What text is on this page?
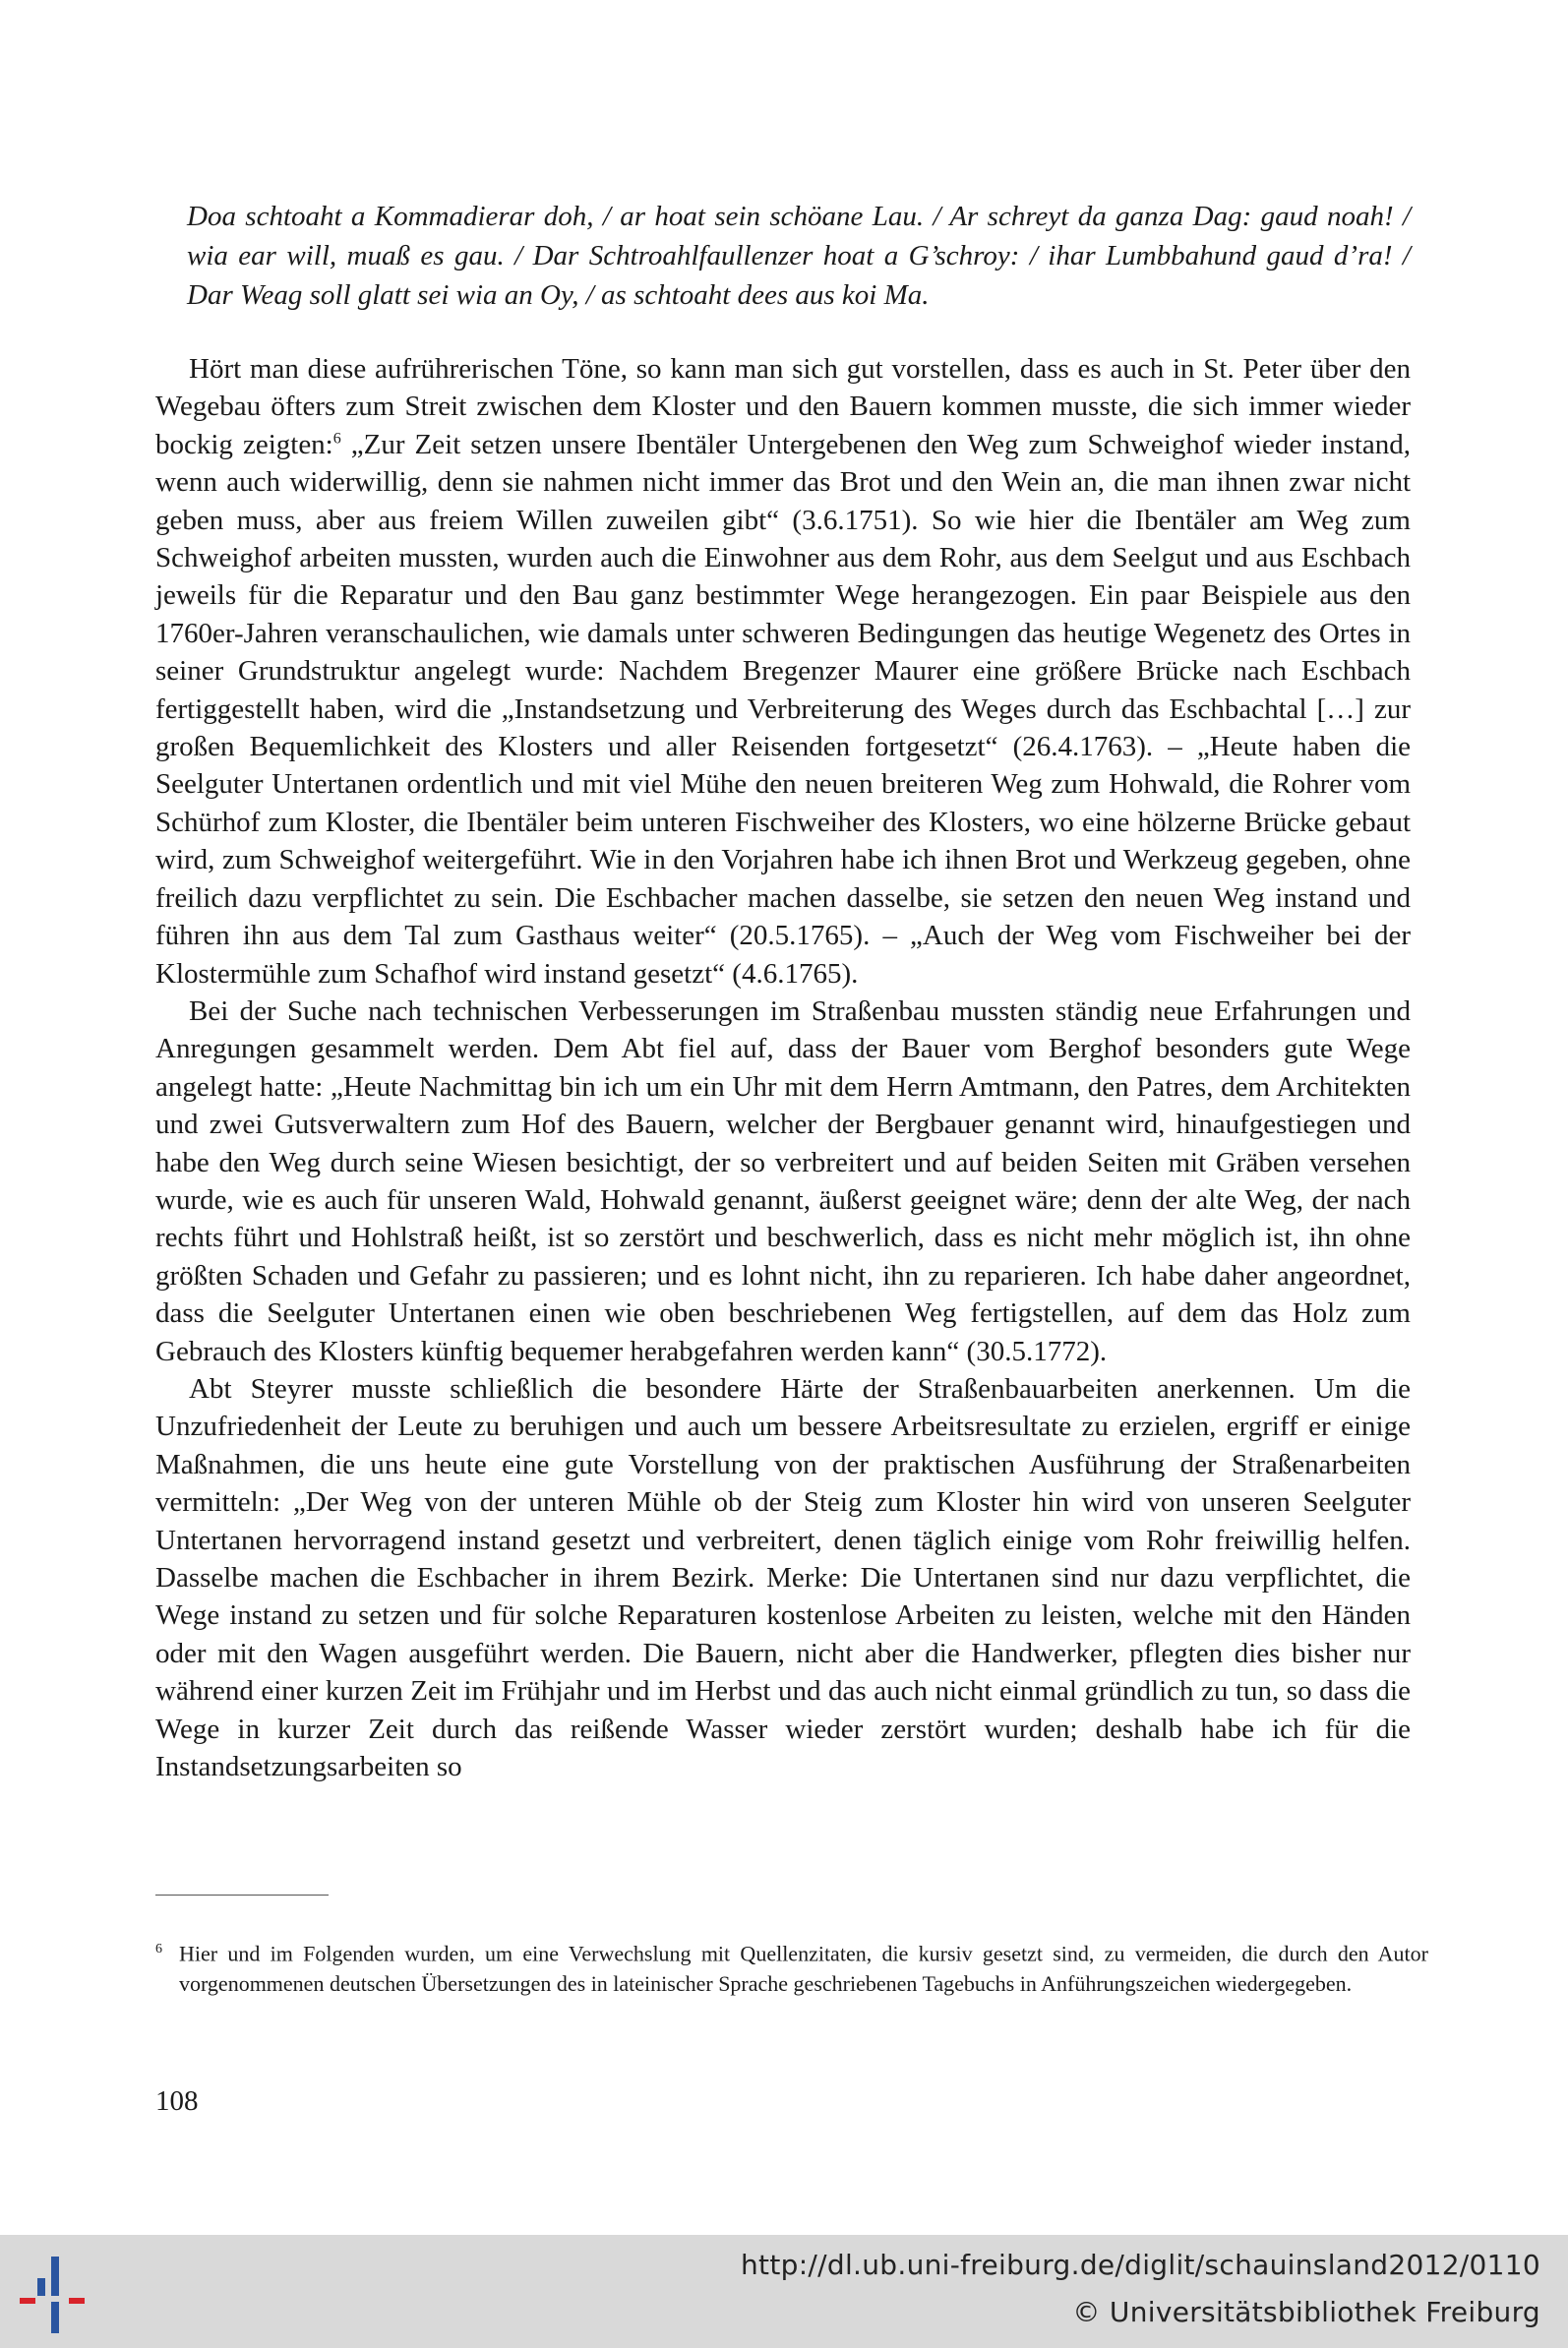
Doa schtoaht a Kommadierar doh, / ar hoat sein schöane Lau. / Ar schreyt da ganza Dag: gaud noah! / wia ear will, muaß es gau. / Dar Schtroahlfaullenzer hoat a G’schroy: / ihar Lumbbahund gaud d’ra! / Dar Weag soll glatt sei wia an Oy, / as schtoaht dees aus koi Ma.

Hört man diese aufrührerischen Töne, so kann man sich gut vorstellen, dass es auch in St. Peter über den Wegebau öfters zum Streit zwischen dem Kloster und den Bauern kommen musste, die sich immer wieder bockig zeigten:$^6$ „Zur Zeit setzen unsere Ibentäler Untergebenen den Weg zum Schweighof wieder instand, wenn auch widerwillig, denn sie nahmen nicht immer das Brot und den Wein an, die man ihnen zwar nicht geben muss, aber aus freiem Willen zuweilen gibt“ (3.6.1751). So wie hier die Ibentäler am Weg zum Schweighof arbeiten mussten, wurden auch die Einwohner aus dem Rohr, aus dem Seelgut und aus Eschbach jeweils für die Reparatur und den Bau ganz bestimmter Wege herangezogen. Ein paar Beispiele aus den 1760er-Jahren veranschaulichen, wie damals unter schweren Bedingungen das heutige Wegenetz des Ortes in seiner Grundstruktur angelegt wurde: Nachdem Bregenzer Maurer eine größere Brücke nach Eschbach fertiggestellt haben, wird die „Instandsetzung und Verbreiterung des Weges durch das Eschbachtal […] zur großen Bequemlichkeit des Klosters und aller Reisenden fortgesetzt“ (26.4.1763). – „Heute haben die Seelguter Untertanen ordentlich und mit viel Mühe den neuen breiteren Weg zum Hohwald, die Rohrer vom Schürhof zum Kloster, die Ibentäler beim unteren Fischweiher des Klosters, wo eine hölzerne Brücke gebaut wird, zum Schweighof weitergeführt. Wie in den Vorjahren habe ich ihnen Brot und Werkzeug gegeben, ohne freilich dazu verpflichtet zu sein. Die Eschbacher machen dasselbe, sie setzen den neuen Weg instand und führen ihn aus dem Tal zum Gasthaus weiter“ (20.5.1765). – „Auch der Weg vom Fischweiher bei der Klostermühle zum Schafhof wird instand gesetzt“ (4.6.1765).

Bei der Suche nach technischen Verbesserungen im Straßenbau mussten ständig neue Erfahrungen und Anregungen gesammelt werden. Dem Abt fiel auf, dass der Bauer vom Berghof besonders gute Wege angelegt hatte: „Heute Nachmittag bin ich um ein Uhr mit dem Herrn Amtmann, den Patres, dem Architekten und zwei Gutsverwaltern zum Hof des Bauern, welcher der Bergbauer genannt wird, hinaufgestiegen und habe den Weg durch seine Wiesen besichtigt, der so verbreitert und auf beiden Seiten mit Gräben versehen wurde, wie es auch für unseren Wald, Hohwald genannt, äußerst geeignet wäre; denn der alte Weg, der nach rechts führt und Hohlstraß heißt, ist so zerstört und beschwerlich, dass es nicht mehr möglich ist, ihn ohne größten Schaden und Gefahr zu passieren; und es lohnt nicht, ihn zu reparieren. Ich habe daher angeordnet, dass die Seelguter Untertanen einen wie oben beschriebenen Weg fertigstellen, auf dem das Holz zum Gebrauch des Klosters künftig bequemer herabgefahren werden kann“ (30.5.1772).

Abt Steyrer musste schließlich die besondere Härte der Straßenbauarbeiten anerkennen. Um die Unzufriedenheit der Leute zu beruhigen und auch um bessere Arbeitsresultate zu erzielen, ergriff er einige Maßnahmen, die uns heute eine gute Vorstellung von der praktischen Ausführung der Straßenarbeiten vermitteln: „Der Weg von der unteren Mühle ob der Steig zum Kloster hin wird von unseren Seelguter Untertanen hervorragend instand gesetzt und verbreitert, denen täglich einige vom Rohr freiwillig helfen. Dasselbe machen die Eschbacher in ihrem Bezirk. Merke: Die Untertanen sind nur dazu verpflichtet, die Wege instand zu setzen und für solche Reparaturen kostenlose Arbeiten zu leisten, welche mit den Händen oder mit den Wagen ausgeführt werden. Die Bauern, nicht aber die Handwerker, pflegten dies bisher nur während einer kurzen Zeit im Frühjahr und im Herbst und das auch nicht einmal gründlich zu tun, so dass die Wege in kurzer Zeit durch das reißende Wasser wieder zerstört wurden; deshalb habe ich für die Instandsetzungsarbeiten so

6 Hier und im Folgenden wurden, um eine Verwechslung mit Quellenzitaten, die kursiv gesetzt sind, zu vermeiden, die durch den Autor vorgenommenen deutschen Übersetzungen des in lateinischer Sprache geschriebenen Tagebuchs in Anführungszeichen wiedergegeben.
108
http://dl.ub.uni-freiburg.de/diglit/schauinsland2012/0110
© Universitätsbibliothek Freiburg
